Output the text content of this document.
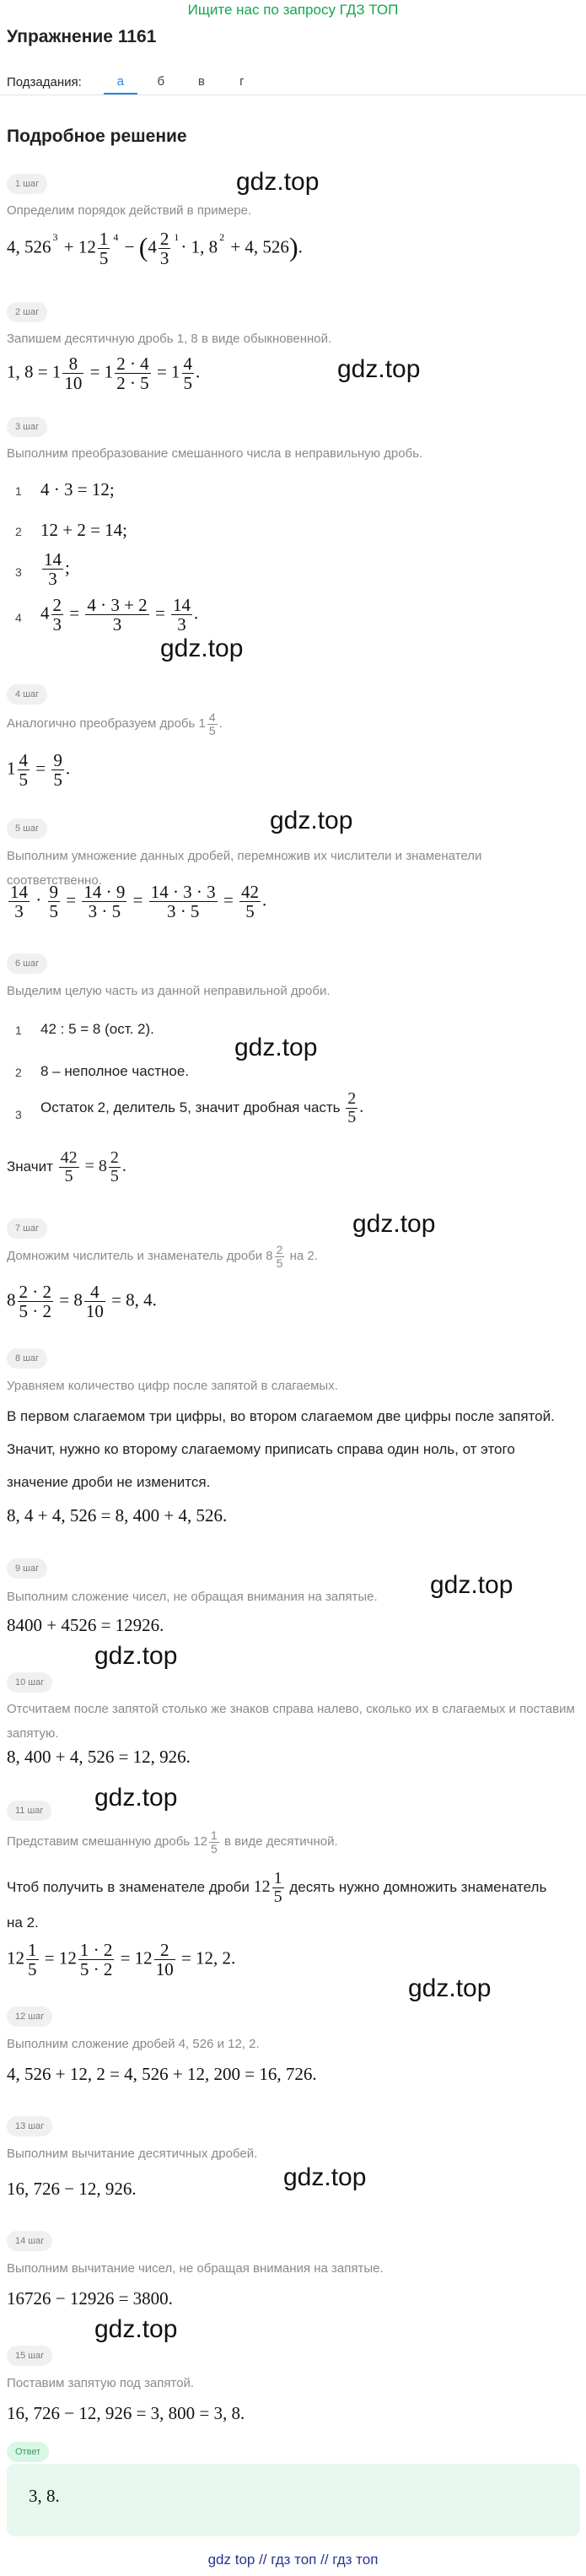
Ищите нас по запросу ГДЗ ТОП
Упражнение 1161
Подзадания:	а	б	в	г
Подробное решение
1 шаг
Определим порядок действий в примере.
4, 526 $^3 + 12 \frac{1}{5} ^4 - (4 \frac{2}{3} ^1\cdot 1$, 8 $^2$ + 4, 526).
gdz.top
2 шаг
Запишем десятичную дробь 1, 8 в виде обыкновенной.
1, $8 = 1 \frac{8}{10} = 1 \frac{2 \cdot 4}{2 \cdot 5} = 1 \frac{4}{5}$ .	gdz.top
3 шаг
Выполним преобразование смешанного числа в неправильную дробь.
1 4 · 3 = 12;
2 12 + 2 = 14;
$3 \frac{14}{3}$ ;
4 $4 \frac{2}{3} = \frac{4 \cdot 3 + 2}{3} = \frac{14}{3}$ .
gdz.top
4 шаг
Аналогично преобразуем дробь $1 \frac{4}{5}$ .
$1 \frac{4}{5} = \frac{9}{5}$ .
gdz.top
5 шаг
Выполним умножение данных дробей, перемножив их числители и знаменатели соответственно.
$\frac{14}{3} \cdot \frac{9}{5} = \frac{14 \cdot 9}{3 \cdot 5} = \frac{14 \cdot 3 \cdot 3}{3 \cdot 5} = \frac{42}{5}$ .
6 шаг
Выделим целую часть из данной неправильной дроби.
1 42 : 5 = 8 (ост. 2).
gdz.top
2 8 – неполное частное.
3 Остаток 2, делитель 5, значит дробная часть $\frac{2}{5}$ .
Значит $\frac{42}{5} = 8 \frac{2}{5}$ .
gdz.top
7 шаг
Домножим числитель и знаменатель дроби $8 \frac{2}{5}$ на 2.
$8 \frac{2 \cdot 2}{5 \cdot 2} = 8 \frac{4}{10} = 8$, 4.
8 шаг
Уравняем количество цифр после запятой в слагаемых.
В первом слагаемом три цифры, во втором слагаемом две цифры после запятой. Значит, нужно ко второму слагаемому приписать справа один ноль, от этого значение дроби не изменится.
8, 4 + 4, 526 = 8, 400 + 4, 526.
9 шаг
gdz.top
Выполним сложение чисел, не обращая внимания на запятые.
8400 + 4526 = 12926.
gdz.top
10 шаг
Отсчитаем после запятой столько же знаков справа налево, сколько их в слагаемых и поставим запятую.
8, 400 + 4, 526 = 12, 926.
gdz.top
11 шаг
Представим смешанную дробь $12 \frac{1}{5}$ в виде десятичной.
Чтоб получить в знаменателе дроби $12 \frac{1}{5}$ десять нужно домножить знаменатель на 2.
$12 \frac{1}{5} = 12 \frac{1 \cdot 2}{5 \cdot 2} = 12 \frac{2}{10} = 12$, 2.
gdz.top
12 шаг
Выполним сложение дробей 4, 526 и 12, 2.
4, 526 + 12, 2 = 4, 526 + 12, 200 = 16, 726.
13 шаг
Выполним вычитание десятичных дробей.
gdz.top
16, 726 − 12, 926.
14 шаг
Выполним вычитание чисел, не обращая внимания на запятые.
16726 − 12926 = 3800.
gdz.top
15 шаг
Поставим запятую под запятой.
16, 726 − 12, 926 = 3, 800 = 3, 8.
Ответ
3, 8.
gdz top // гдз топ // гдз топ
